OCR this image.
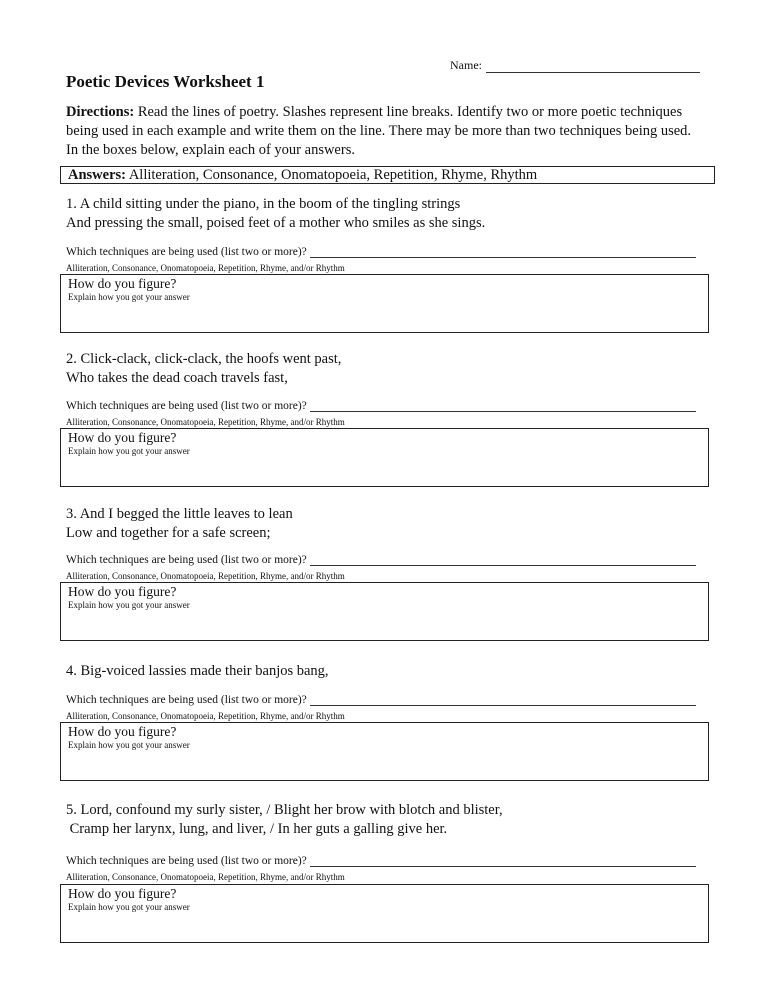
Name:
Poetic Devices Worksheet 1

Directions: Read the lines of poetry. Slashes represent line breaks. Identify two or more poetic techniques being used in each example and write them on the line. There may be more than two techniques being used. In the boxes below, explain each of your answers.

Answers: Alliteration, Consonance, Onomatopoeia, Repetition, Rhyme, Rhythm
1. A child sitting under the piano, in the boom of the tingling strings
And pressing the small, poised feet of a mother who smiles as she sings.
Which techniques are being used (list two or more)?
Alliteration, Consonance, Onomatopoeia, Repetition, Rhyme, and/or Rhythm
How do you figure?
Explain how you got your answer
2. Click-clack, click-clack, the hoofs went past,
Who takes the dead coach travels fast,
Which techniques are being used (list two or more)?
Alliteration, Consonance, Onomatopoeia, Repetition, Rhyme, and/or Rhythm
How do you figure?
Explain how you got your answer
3. And I begged the little leaves to lean
Low and together for a safe screen;
Which techniques are being used (list two or more)?
Alliteration, Consonance, Onomatopoeia, Repetition, Rhyme, and/or Rhythm
How do you figure?
Explain how you got your answer
4. Big-voiced lassies made their banjos bang,
Which techniques are being used (list two or more)?
Alliteration, Consonance, Onomatopoeia, Repetition, Rhyme, and/or Rhythm
How do you figure?
Explain how you got your answer
5. Lord, confound my surly sister, / Blight her brow with blotch and blister,
Cramp her larynx, lung, and liver, / In her guts a galling give her.
Which techniques are being used (list two or more)?
Alliteration, Consonance, Onomatopoeia, Repetition, Rhyme, and/or Rhythm
How do you figure?
Explain how you got your answer
